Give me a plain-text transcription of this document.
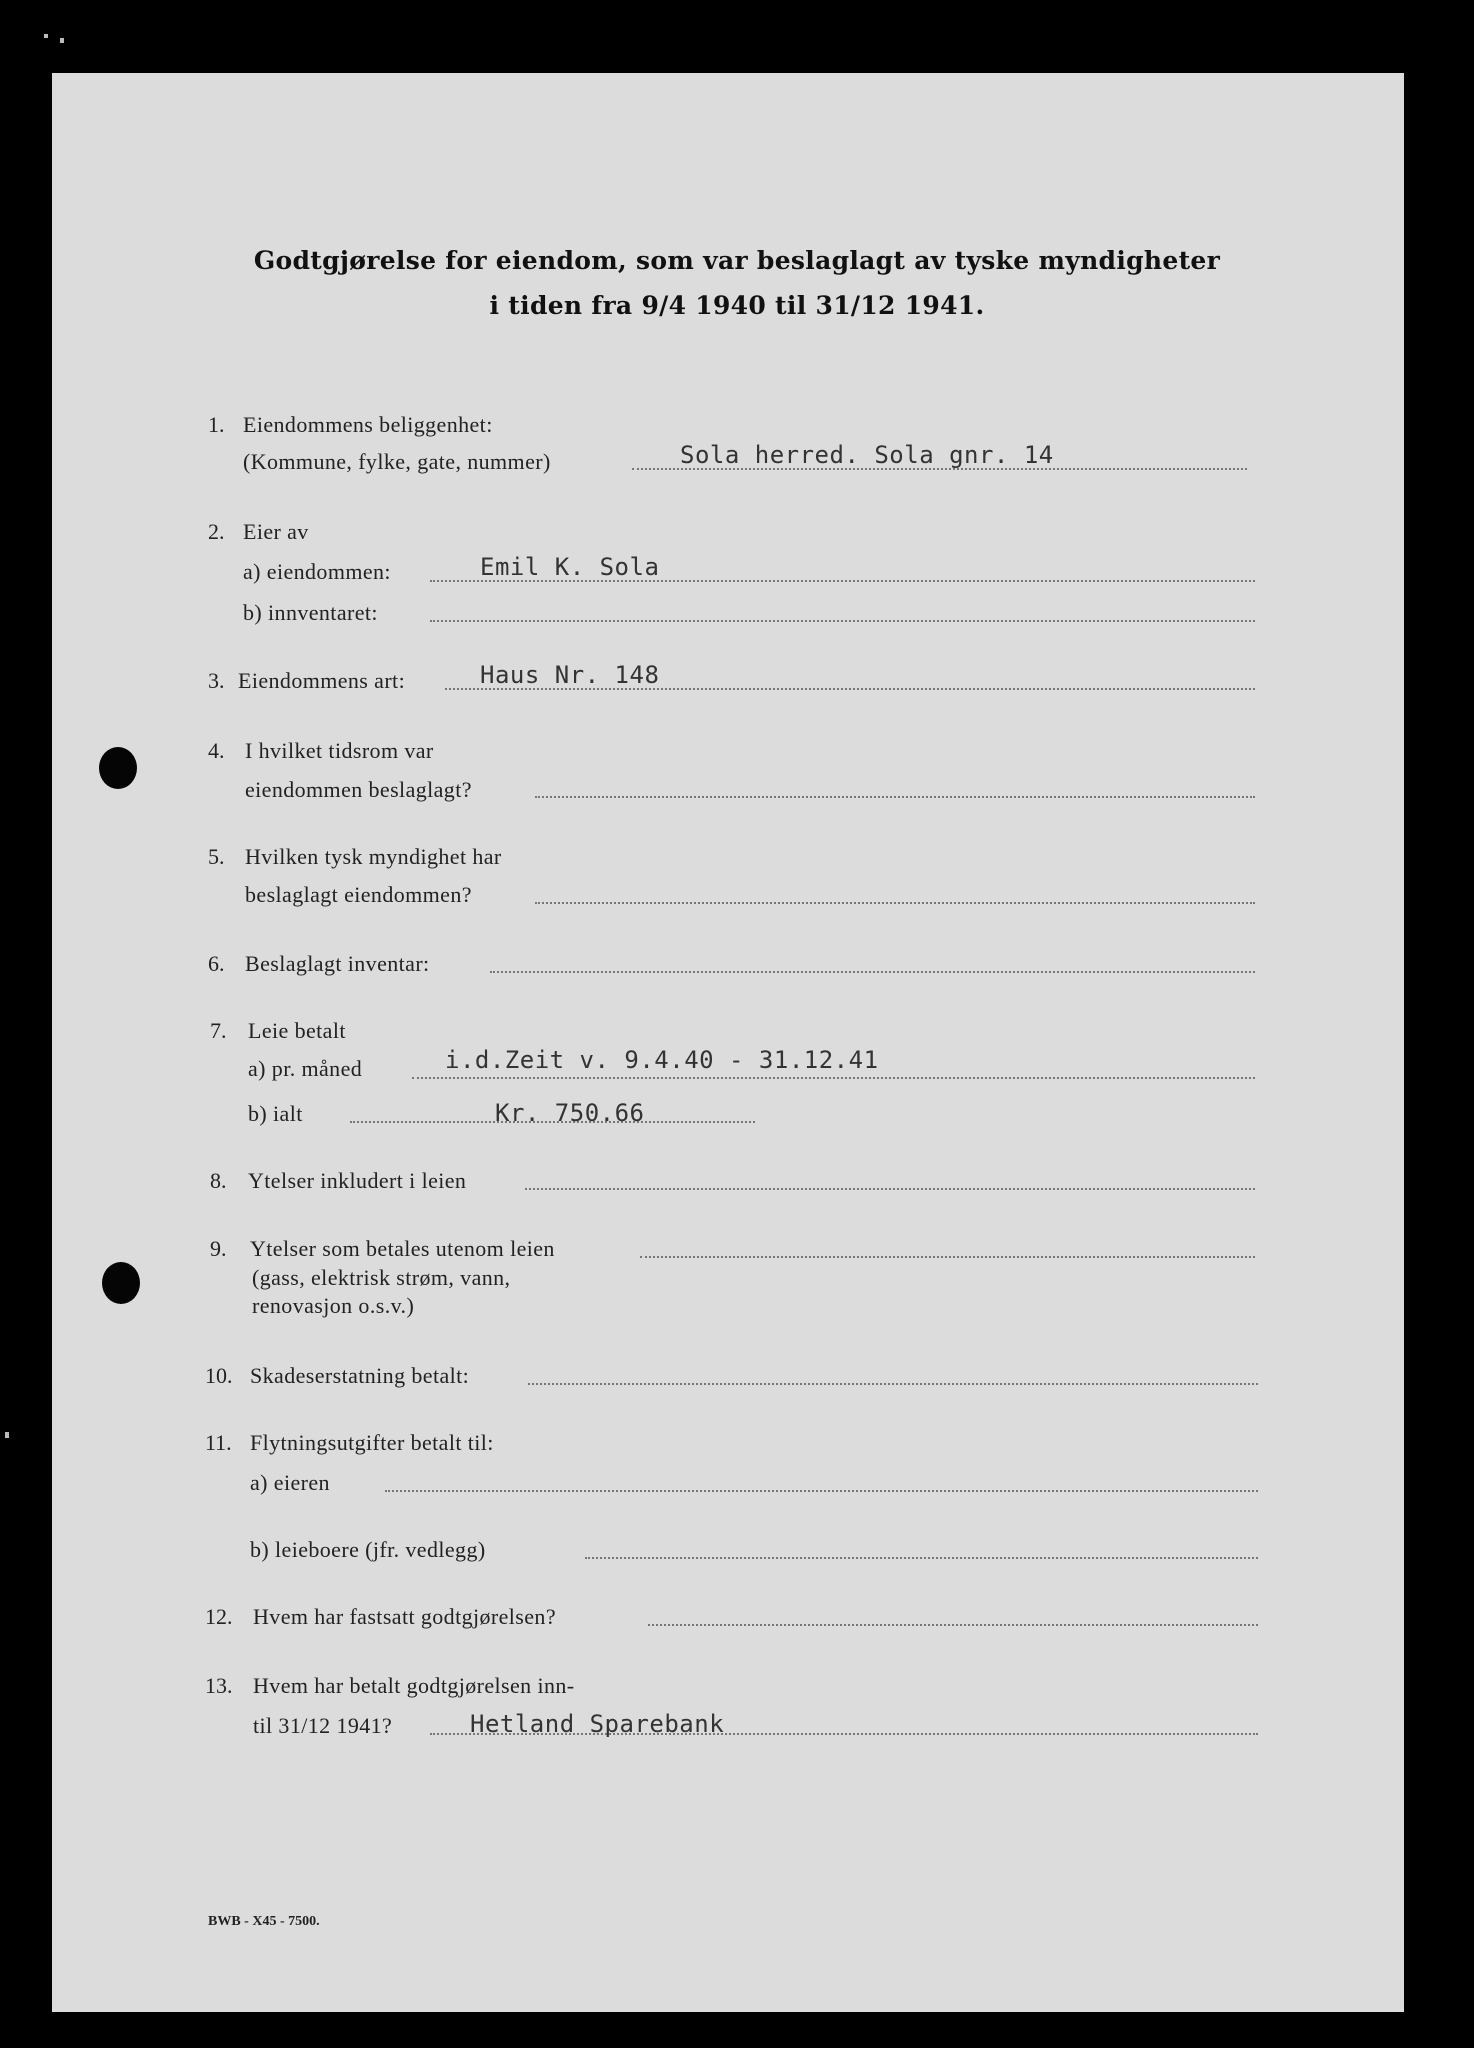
Godtgjørelse for eiendom, som var beslaglagt av tyske myndigheter
i tiden fra 9/4 1940 til 31/12 1941.
1. Eiendommens beliggenhet:
(Kommune, fylke, gate, nummer)	Sola herred. Sola gnr. 14
2. Eier av
a) eiendommen:	Emil K. Sola
b) innventaret:
3. Eiendommens art:	Haus Nr. 148
4. I hvilket tidsrom var
eiendommen beslaglagt?
5. Hvilken tysk myndighet har
beslaglagt eiendommen?
6. Beslaglagt inventar:
7. Leie betalt
a) pr. måned	i.d.Zeit v. 9.4.40 - 31.12.41
b) ialt	Kr. 750.66
8. Ytelser inkludert i leien
9. Ytelser som betales utenom leien
(gass, elektrisk strøm, vann,
renovasjon o.s.v.)
10. Skadeserstatning betalt:
11. Flytningsutgifter betalt til:
a) eieren
b) leieboere (jfr. vedlegg)
12. Hvem har fastsatt godtgjørelsen?
13. Hvem har betalt godtgjørelsen inn-
til 31/12 1941?	Hetland Sparebank
BWB - X45 - 7500.
